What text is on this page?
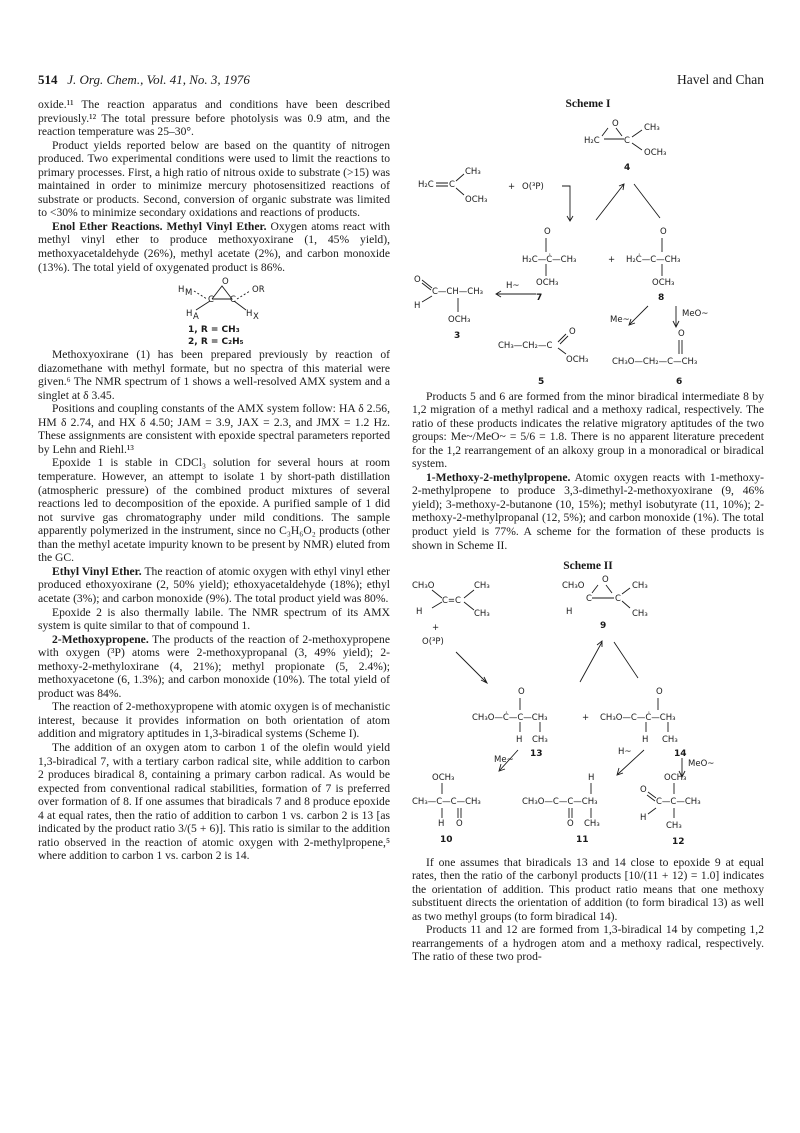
514 J. Org. Chem., Vol. 41, No. 3, 1976	Havel and Chan

oxide.¹¹ The reaction apparatus and conditions have been described previously.¹² The total pressure before photolysis was 0.9 atm, and the reaction temperature was 25–30°.

Product yields reported below are based on the quantity of nitrogen produced. Two experimental conditions were used to limit the reactions to primary processes. First, a high ratio of nitrous oxide to substrate (>15) was maintained in order to minimize mercury photosensitized reactions of substrate or products. Second, conversion of organic substrate was limited to <30% to minimize secondary oxidations and reactions of products.

Enol Ether Reactions. Methyl Vinyl Ether. Oxygen atoms react with methyl vinyl ether to produce methoxyoxirane (1, 45% yield), methoxyacetaldehyde (26%), methyl acetate (2%), and carbon monoxide (13%). The total yield of oxygenated product is 86%.

H M
O
OR
C C
H A	H X
1, R = CH₃
2, R = C₂H₅

Methoxyoxirane (1) has been prepared previously by reaction of diazomethane with methyl formate, but no spectra of this material were given.⁶ The NMR spectrum of 1 shows a well-resolved AMX system and a singlet at δ 3.45.

Positions and coupling constants of the AMX system follow: HA δ 2.56, HM δ 2.74, and HX δ 4.50; JAM = 3.9, JAX = 2.3, and JMX = 1.2 Hz. These assignments are consistent with epoxide spectral parameters reported by Lehn and Riehl.¹³

Epoxide 1 is stable in CDCl₃ solution for several hours at room temperature. However, an attempt to isolate 1 by short-path distillation (atmospheric pressure) of the combined product mixtures of several reactions led to decomposition of the epoxide. A purified sample of 1 did not survive gas chromatography under mild conditions. The sample apparently polymerized in the instrument, since no C₃H₆O₂ products (other than the methyl acetate impurity known to be present by NMR) eluted from the GC.

Ethyl Vinyl Ether. The reaction of atomic oxygen with ethyl vinyl ether produced ethoxyoxirane (2, 50% yield); ethoxyacetaldehyde (18%); ethyl acetate (3%); and carbon monoxide (9%). The total product yield was 80%.

Epoxide 2 is also thermally labile. The NMR spectrum of its AMX system is quite similar to that of compound 1.

2-Methoxypropene. The products of the reaction of 2-methoxypropene with oxygen (³P) atoms were 2-methoxypropanal (3, 49% yield); 2-methoxy-2-methyloxirane (4, 21%); methyl propionate (5, 2.4%); methoxyacetone (6, 1.3%); and carbon monoxide (10%). The total yield of product was 84%.

The reaction of 2-methoxypropene with atomic oxygen is of mechanistic interest, because it provides information on both orientation of atom addition and migratory aptitudes in 1,3-biradical systems (Scheme I).

The addition of an oxygen atom to carbon 1 of the olefin would yield 1,3-biradical 7, with a tertiary carbon radical site, while addition to carbon 2 produces biradical 8, containing a primary carbon radical. As would be expected from conventional radical stabilities, formation of 7 is preferred over formation of 8. If one assumes that biradicals 7 and 8 produce epoxide 4 at equal rates, then the ratio of addition to carbon 1 vs. carbon 2 is 13 [as indicated by the product ratio 3/(5 + 6)]. This ratio is similar to the addition ratio observed in the reaction of atomic oxygen with 2-methylpropene,⁵ where addition to carbon 1 vs. carbon 2 is 14.

Scheme I
O
H₂C	C
CH₃
OCH₃
4
H₂C C
CH₃
OCH₃
+ O(³P)
O
H₂C—Ċ—CH₃
OCH₃
+
O
H₂Ċ—C—CH₃
OCH₃
7	8
O
C—CH—CH₃
H
OCH₃
3
H~
Me~
MeO~
CH₃—CH₂—C
O
OCH₃
5
O
CH₃O—CH₂—C—CH₃
6

Products 5 and 6 are formed from the minor biradical intermediate 8 by 1,2 migration of a methyl radical and a methoxy radical, respectively. The ratio of these products indicates the relative migratory aptitudes of the two groups: Me~/MeO~ = 5/6 = 1.8. There is no apparent literature precedent for the 1,2 rearrangement of an alkoxy group in a monoradical or biradical system.

1-Methoxy-2-methylpropene. Atomic oxygen reacts with 1-methoxy-2-methylpropene to produce 3,3-dimethyl-2-methoxyoxirane (9, 46% yield); 3-methoxy-2-butanone (10, 15%); methyl isobutyrate (11, 10%); 2-methoxy-2-methylpropanal (12, 5%); and carbon monoxide (1%). The total product yield is 77%. A scheme for the formation of these products is shown in Scheme II.

Scheme II
CH₃O
H
C=C
CH₃
CH₃
+
O(³P)
CH₃O
O
C	C
CH₃
CH₃
H
9
O
CH₃O—Ċ—C—CH₃
H CH₃
13
+
O
CH₃O—C—Ċ—CH₃
H CH₃
14
Me~
H~
MeO~
OCH₃
CH₃—C—C—CH₃
H O
10
H
CH₃O—C—C—CH₃
O CH₃
11
OCH₃
O
C—C—CH₃
H
CH₃
12

If one assumes that biradicals 13 and 14 close to epoxide 9 at equal rates, then the ratio of the carbonyl products [10/(11 + 12) = 1.0] indicates the orientation of addition. This product ratio means that one methoxy substituent directs the orientation of addition (to form biradical 13) as well as two methyl groups (to form biradical 14).

Products 11 and 12 are formed from 1,3-biradical 14 by competing 1,2 rearrangements of a hydrogen atom and a methoxy radical, respectively. The ratio of these two prod-
